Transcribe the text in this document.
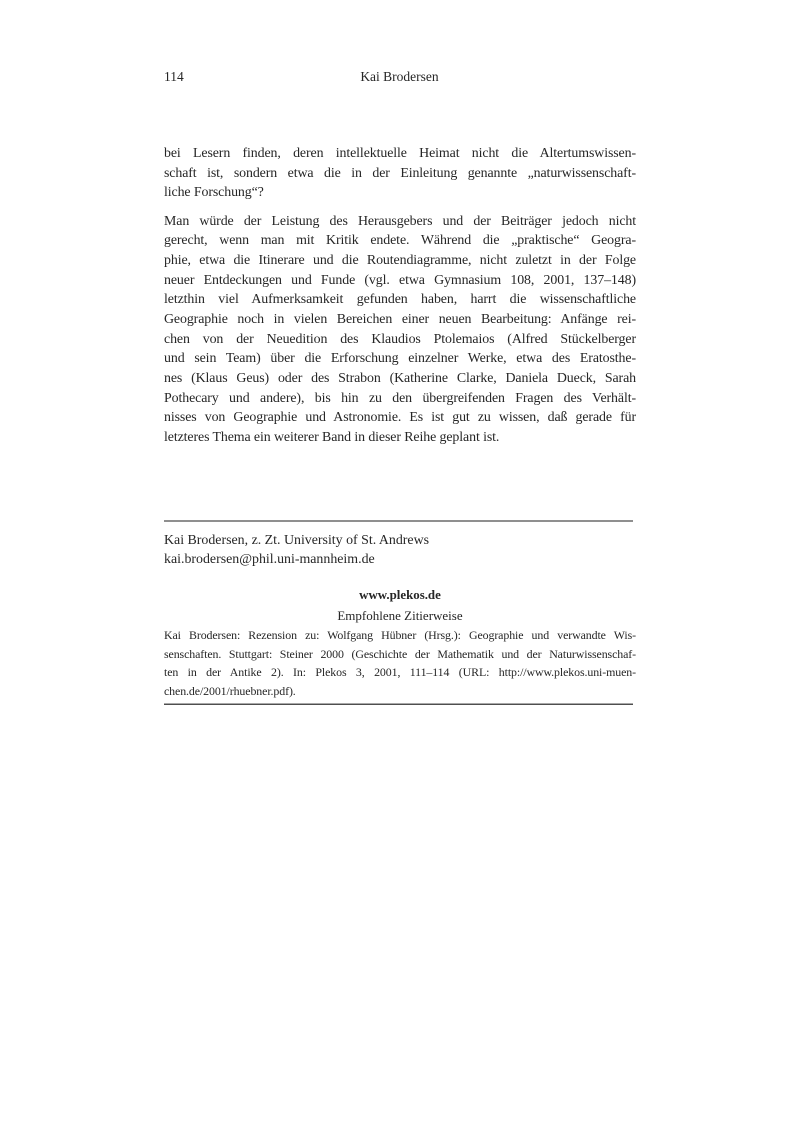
114	Kai Brodersen
bei Lesern finden, deren intellektuelle Heimat nicht die Altertumswissen-
schaft ist, sondern etwa die in der Einleitung genannte „naturwissenschaft-
liche Forschung“?
Man würde der Leistung des Herausgebers und der Beiträger jedoch nicht
gerecht, wenn man mit Kritik endete. Während die „praktische“ Geogra-
phie, etwa die Itinerare und die Routendiagramme, nicht zuletzt in der Folge
neuer Entdeckungen und Funde (vgl. etwa Gymnasium 108, 2001, 137–148)
letzthin viel Aufmerksamkeit gefunden haben, harrt die wissenschaftliche
Geographie noch in vielen Bereichen einer neuen Bearbeitung: Anfänge rei-
chen von der Neuedition des Klaudios Ptolemaios (Alfred Stückelberger
und sein Team) über die Erforschung einzelner Werke, etwa des Eratosthe-
nes (Klaus Geus) oder des Strabon (Katherine Clarke, Daniela Dueck, Sarah
Pothecary und andere), bis hin zu den übergreifenden Fragen des Verhält-
nisses von Geographie und Astronomie. Es ist gut zu wissen, daß gerade für
letzteres Thema ein weiterer Band in dieser Reihe geplant ist.
Kai Brodersen, z. Zt. University of St. Andrews
kai.brodersen@phil.uni-mannheim.de
www.plekos.de
Empfohlene Zitierweise
Kai Brodersen: Rezension zu: Wolfgang Hübner (Hrsg.): Geographie und verwandte Wis-
senschaften. Stuttgart: Steiner 2000 (Geschichte der Mathematik und der Naturwissenschaf-
ten in der Antike 2). In: Plekos 3, 2001, 111–114 (URL: http://www.plekos.uni-muen-
chen.de/2001/rhuebner.pdf).
